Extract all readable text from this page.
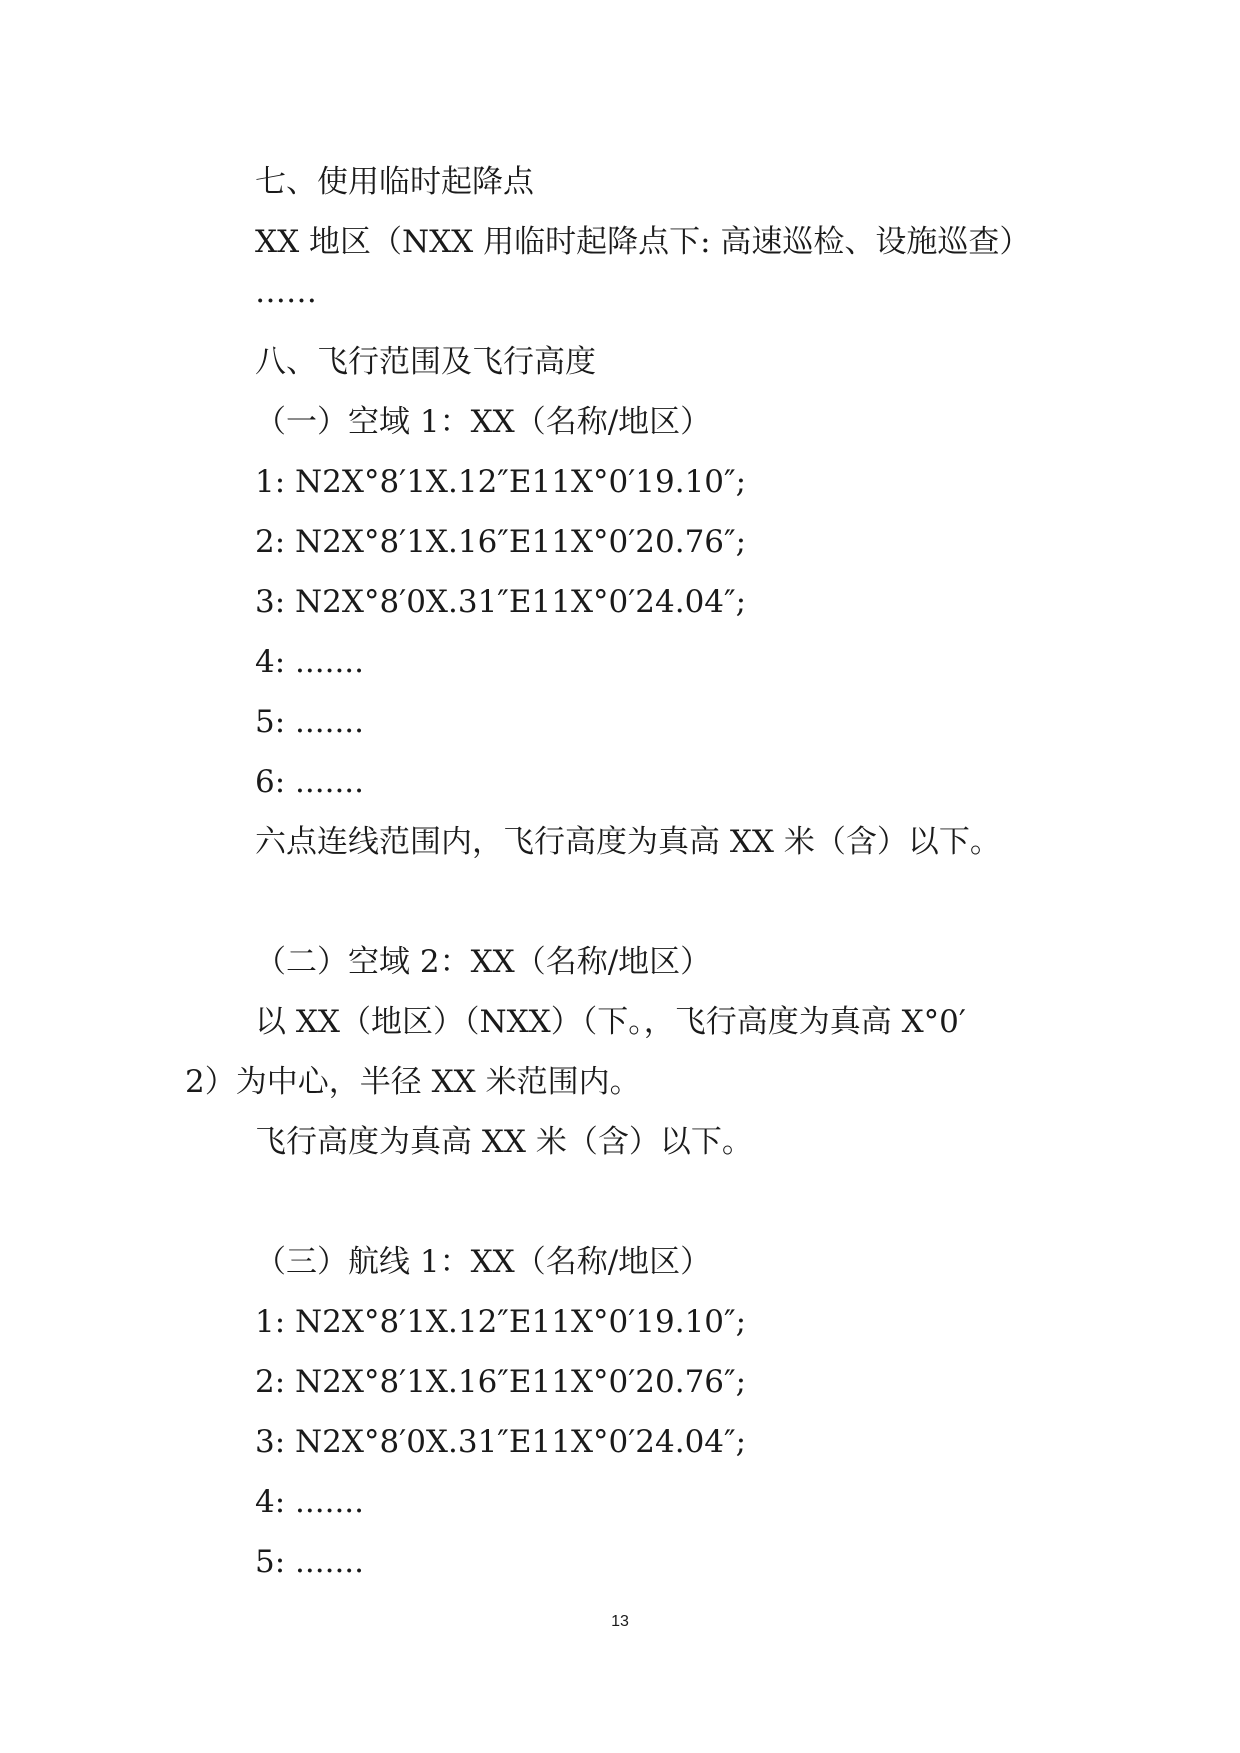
七、使用临时起降点
XX 地区（NXX 用临时起降点下: 高速巡检、设施巡查）
……
八、飞行范围及飞行高度
（一）空域 1：XX（名称/地区）
1: N2X°8′1X.12″E11X°0′19.10″;
2: N2X°8′1X.16″E11X°0′20.76″;
3: N2X°8′0X.31″E11X°0′24.04″;
4: .......
5: .......
6: .......
六点连线范围内，飞行高度为真高 XX 米（含）以下。
（二）空域 2：XX（名称/地区）
以 XX（地区）（NXX）（下。，飞行高度为真高 X°0′
2）为中心，半径 XX 米范围内。
飞行高度为真高 XX 米（含）以下。
（三）航线 1：XX（名称/地区）
1: N2X°8′1X.12″E11X°0′19.10″;
2: N2X°8′1X.16″E11X°0′20.76″;
3: N2X°8′0X.31″E11X°0′24.04″;
4: .......
5: .......
13
